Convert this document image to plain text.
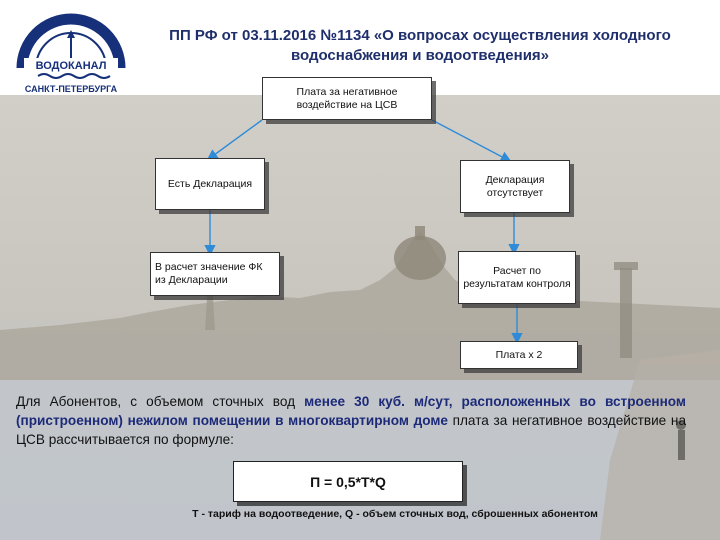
ВОДОКАНАЛ
САНКТ-ПЕТЕРБУРГА
ПП РФ от 03.11.2016 №1134 «О вопросах осуществления холодного
водоснабжения и водоотведения»
Плата за негативное воздействие на ЦСВ
Есть Декларация	Декларация отсутствует
В расчет значение ФК из Декларации
Расчет по результатам контроля
Плата х 2
Для Абонентов, с объемом сточных вод менее 30 куб. м/сут, расположенных во встроенном (пристроенном) нежилом помещении в многоквартирном доме плата за негативное воздействие на ЦСВ рассчитывается по формуле:
П = 0,5*Т*Q
Т - тариф на водоотведение, Q - объем сточных вод, сброшенных абонентом
